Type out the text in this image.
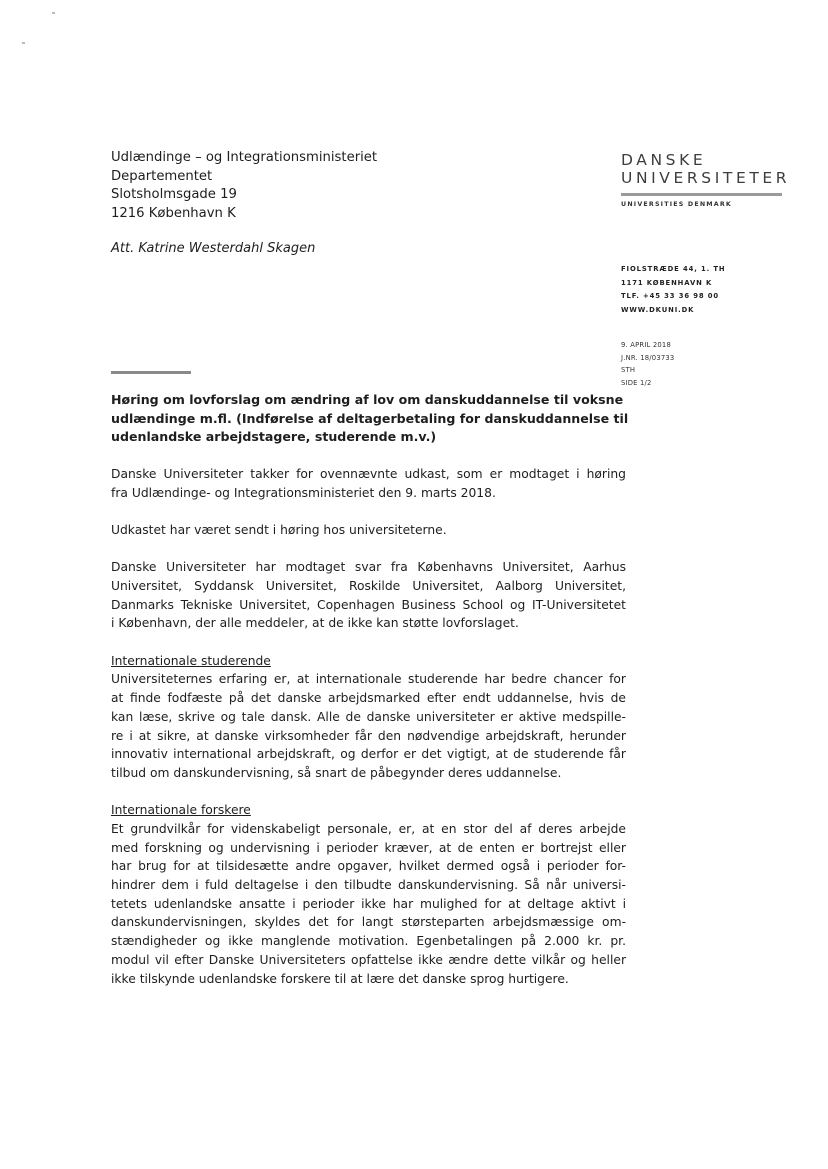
Udlændinge – og Integrationsministeriet
Departementet
Slotsholmsgade 19
1216 København K
Att. Katrine Westerdahl Skagen
DANSKE
UNIVERSITETER
UNIVERSITIES DENMARK
FIOLSTRÆDE 44, 1. TH
1171 KØBENHAVN K
TLF. +45 33 36 98 00
WWW.DKUNI.DK
9. APRIL 2018
J.NR. 18/03733
STH
SIDE 1/2
Høring om lovforslag om ændring af lov om danskuddannelse til voksne
udlændinge m.fl. (Indførelse af deltagerbetaling for danskuddannelse til
udenlandske arbejdstagere, studerende m.v.)
Danske Universiteter takker for ovennævnte udkast, som er modtaget i høring
fra Udlændinge- og Integrationsministeriet den 9. marts 2018.
Udkastet har været sendt i høring hos universiteterne.
Danske Universiteter har modtaget svar fra Københavns Universitet, Aarhus
Universitet, Syddansk Universitet, Roskilde Universitet, Aalborg Universitet,
Danmarks Tekniske Universitet, Copenhagen Business School og IT-Universitetet
i København, der alle meddeler, at de ikke kan støtte lovforslaget.
Internationale studerende
Universiteternes erfaring er, at internationale studerende har bedre chancer for
at finde fodfæste på det danske arbejdsmarked efter endt uddannelse, hvis de
kan læse, skrive og tale dansk. Alle de danske universiteter er aktive medspille-
re i at sikre, at danske virksomheder får den nødvendige arbejdskraft, herunder
innovativ international arbejdskraft, og derfor er det vigtigt, at de studerende får
tilbud om danskundervisning, så snart de påbegynder deres uddannelse.
Internationale forskere
Et grundvilkår for videnskabeligt personale, er, at en stor del af deres arbejde
med forskning og undervisning i perioder kræver, at de enten er bortrejst eller
har brug for at tilsidesætte andre opgaver, hvilket dermed også i perioder for-
hindrer dem i fuld deltagelse i den tilbudte danskundervisning. Så når universi-
tetets udenlandske ansatte i perioder ikke har mulighed for at deltage aktivt i
danskundervisningen, skyldes det for langt størsteparten arbejdsmæssige om-
stændigheder og ikke manglende motivation. Egenbetalingen på 2.000 kr. pr.
modul vil efter Danske Universiteters opfattelse ikke ændre dette vilkår og heller
ikke tilskynde udenlandske forskere til at lære det danske sprog hurtigere.
